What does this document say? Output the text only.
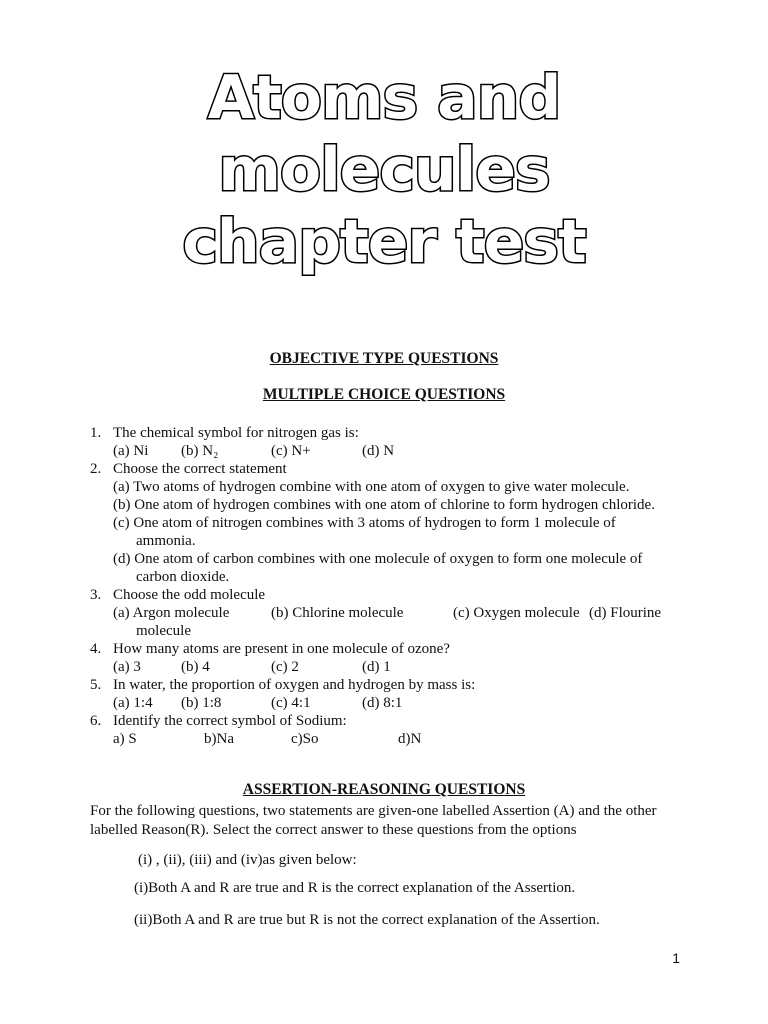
Atoms and
molecules
chapter test
OBJECTIVE TYPE QUESTIONS
MULTIPLE CHOICE QUESTIONS
1. The chemical symbol for nitrogen gas is:
(a) Ni (b) N₂	(c) N+	(d) N
2. Choose the correct statement
(a) Two atoms of hydrogen combine with one atom of oxygen to give water molecule.
(b) One atom of hydrogen combines with one atom of chlorine to form hydrogen chloride.
(c) One atom of nitrogen combines with 3 atoms of hydrogen to form 1 molecule of
ammonia.
(d) One atom of carbon combines with one molecule of oxygen to form one molecule of
carbon dioxide.
3. Choose the odd molecule
(a) Argon molecule	(b) Chlorine molecule	(c) Oxygen molecule (d) Flourine
molecule
4. How many atoms are present in one molecule of ozone?
(a) 3	(b) 4	(c) 2	(d) 1
5. In water, the proportion of oxygen and hydrogen by mass is:
(a) 1:4 (b) 1:8	(c) 4:1	(d) 8:1
6. Identify the correct symbol of Sodium:
a) S	b)Na	c)So	d)N
ASSERTION-REASONING QUESTIONS
For the following questions, two statements are given-one labelled Assertion (A) and the other
labelled Reason(R). Select the correct answer to these questions from the options
(i) , (ii), (iii) and (iv)as given below:
(i)Both A and R are true and R is the correct explanation of the Assertion.
(ii)Both A and R are true but R is not the correct explanation of the Assertion.
1
